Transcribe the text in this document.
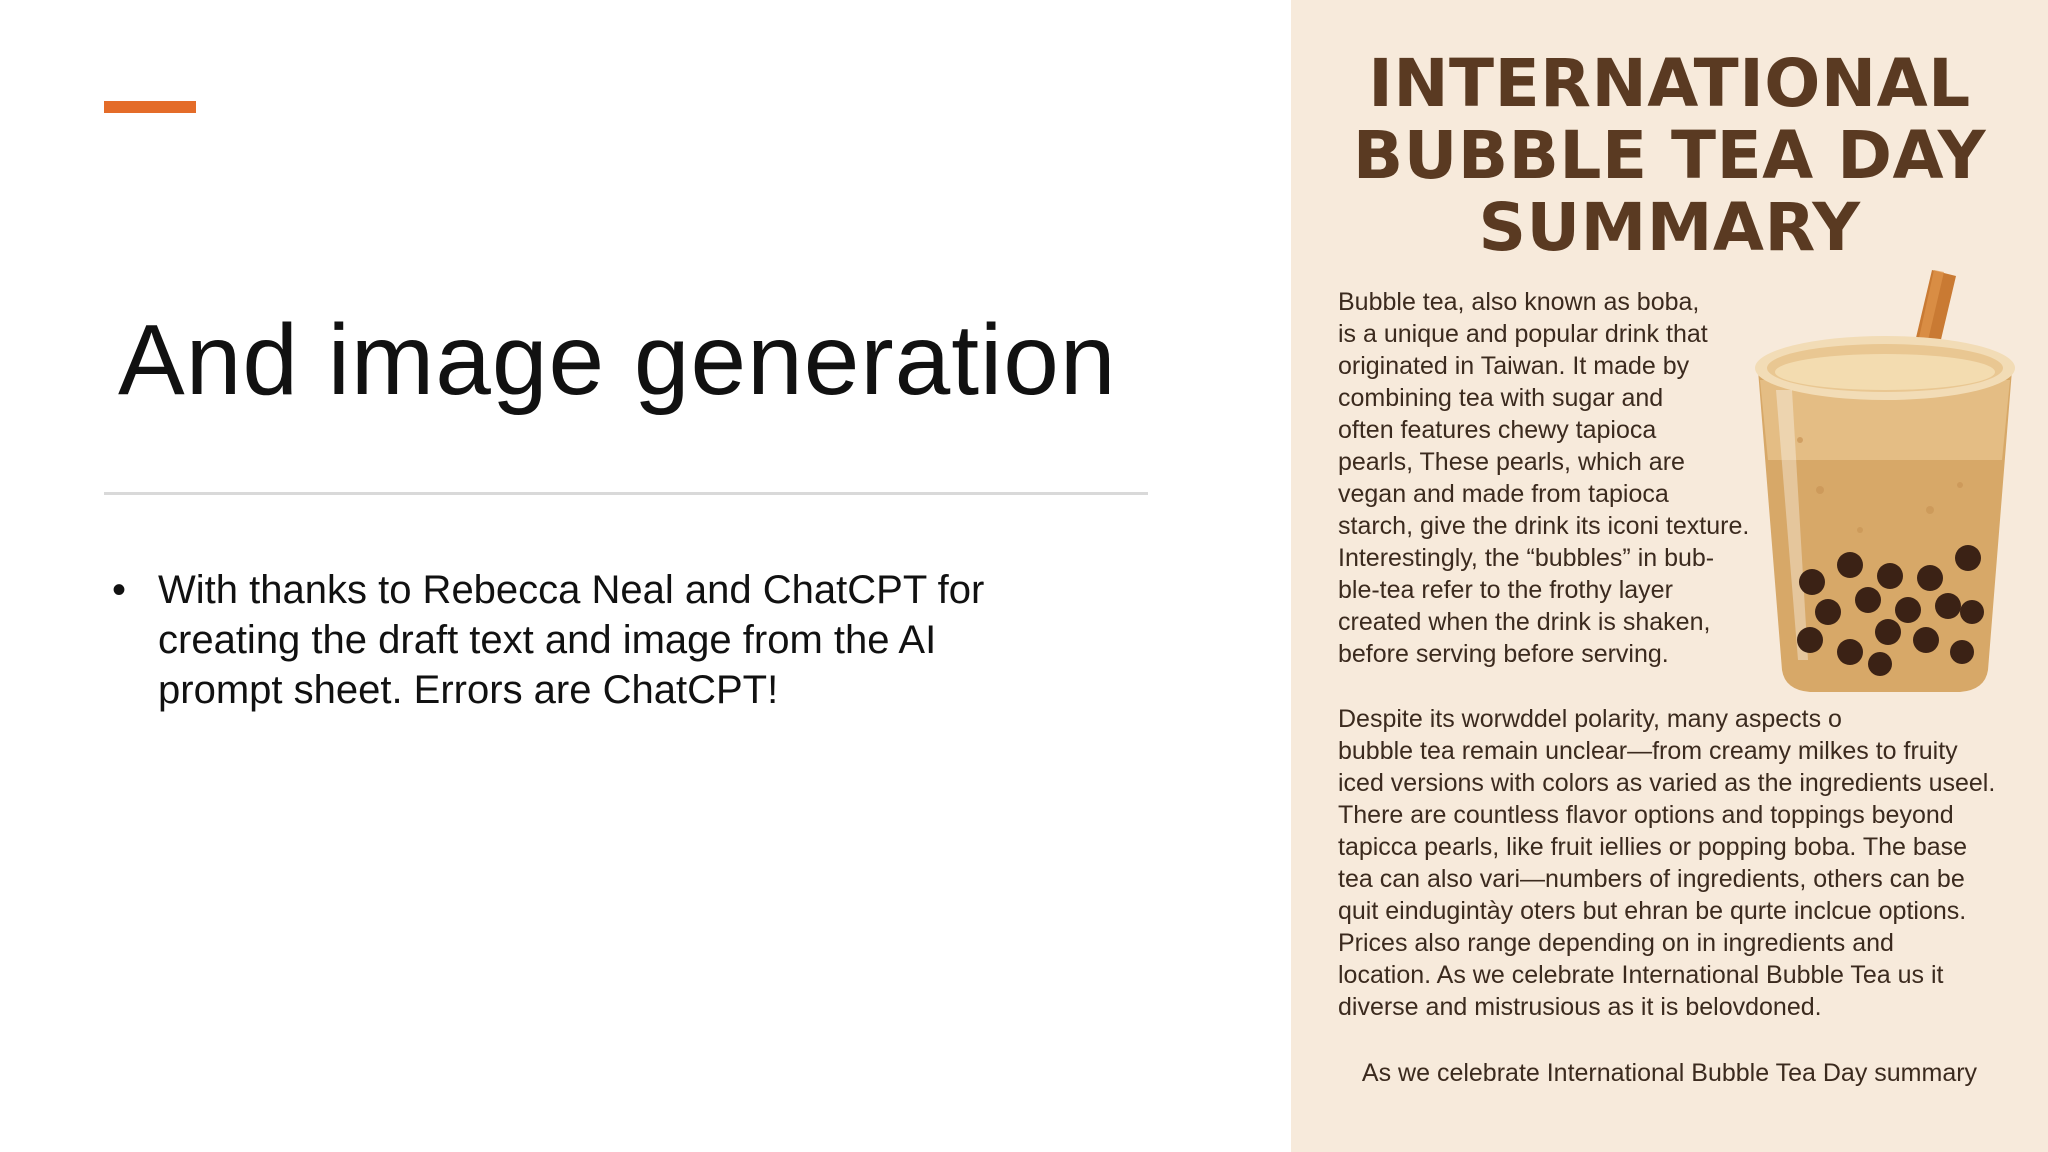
And image generation
• With thanks to Rebecca Neal and ChatCPT for
creating the draft text and image from the AI
prompt sheet. Errors are ChatCPT!
INTERNATIONAL
BUBBLE TEA DAY
SUMMARY
Bubble tea, also known as boba,
is a unique and popular drink that
originated in Taiwan. It made by
combining tea with sugar and
often features chewy tapioca
pearls, These pearls, which are
vegan and made from tapioca
starch, give the drink its iconi texture.
Interestingly, the “bubbles” in bub-
ble-tea refer to the frothy layer
created when the drink is shaken,
before serving before serving.
Despite its worwddel polarity, many aspects o
bubble tea remain unclear—from creamy milkes to fruity
iced versions with colors as varied as the ingredients useel.
There are countless flavor options and toppings beyond
tapicca pearls, like fruit iellies or popping boba. The base
tea can also vari—numbers of ingredients, others can be
quit eindugintày oters but ehran be qurte inclcue options.
Prices also range depending on in ingredients and
location. As we celebrate International Bubble Tea us it
diverse and mistrusious as it is belovdoned.
As we celebrate International Bubble Tea Day summary
